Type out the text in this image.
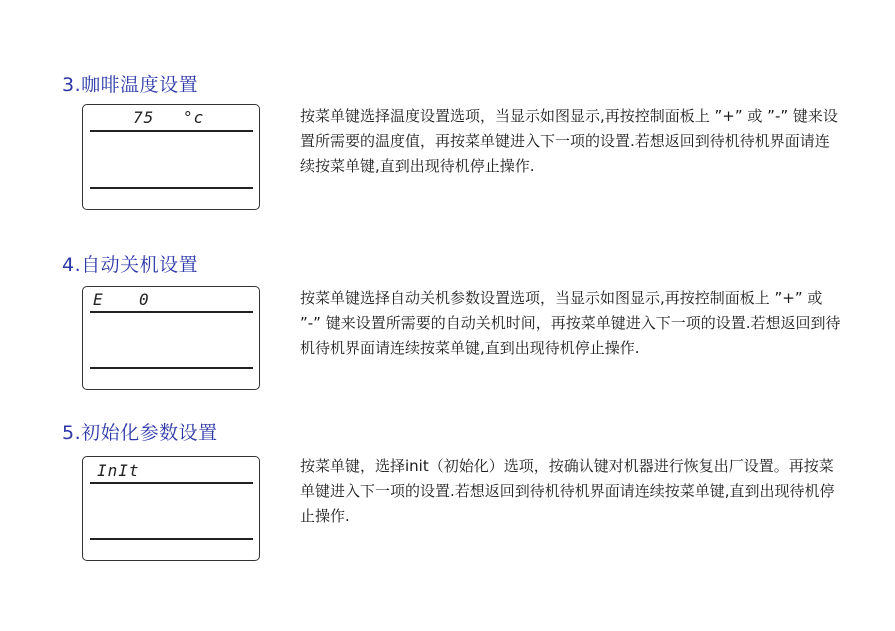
3.咖啡温度设置
75 °c	按菜单键选择温度设置选项，当显示如图显示,再按控制面板上 ”+” 或 ”-” 键来设置所需要的温度值，再按菜单键进入下一项的设置.若想返回到待机待机界面请连续按菜单键,直到出现待机停止操作.

4.自动关机设置
E 0	按菜单键选择自动关机参数设置选项，当显示如图显示,再按控制面板上 ”+” 或 ”-” 键来设置所需要的自动关机时间，再按菜单键进入下一项的设置.若想返回到待机待机界面请连续按菜单键,直到出现待机停止操作.

5.初始化参数设置
InIt	按菜单键，选择init（初始化）选项，按确认键对机器进行恢复出厂设置。再按菜单键进入下一项的设置.若想返回到待机待机界面请连续按菜单键,直到出现待机停止操作.
